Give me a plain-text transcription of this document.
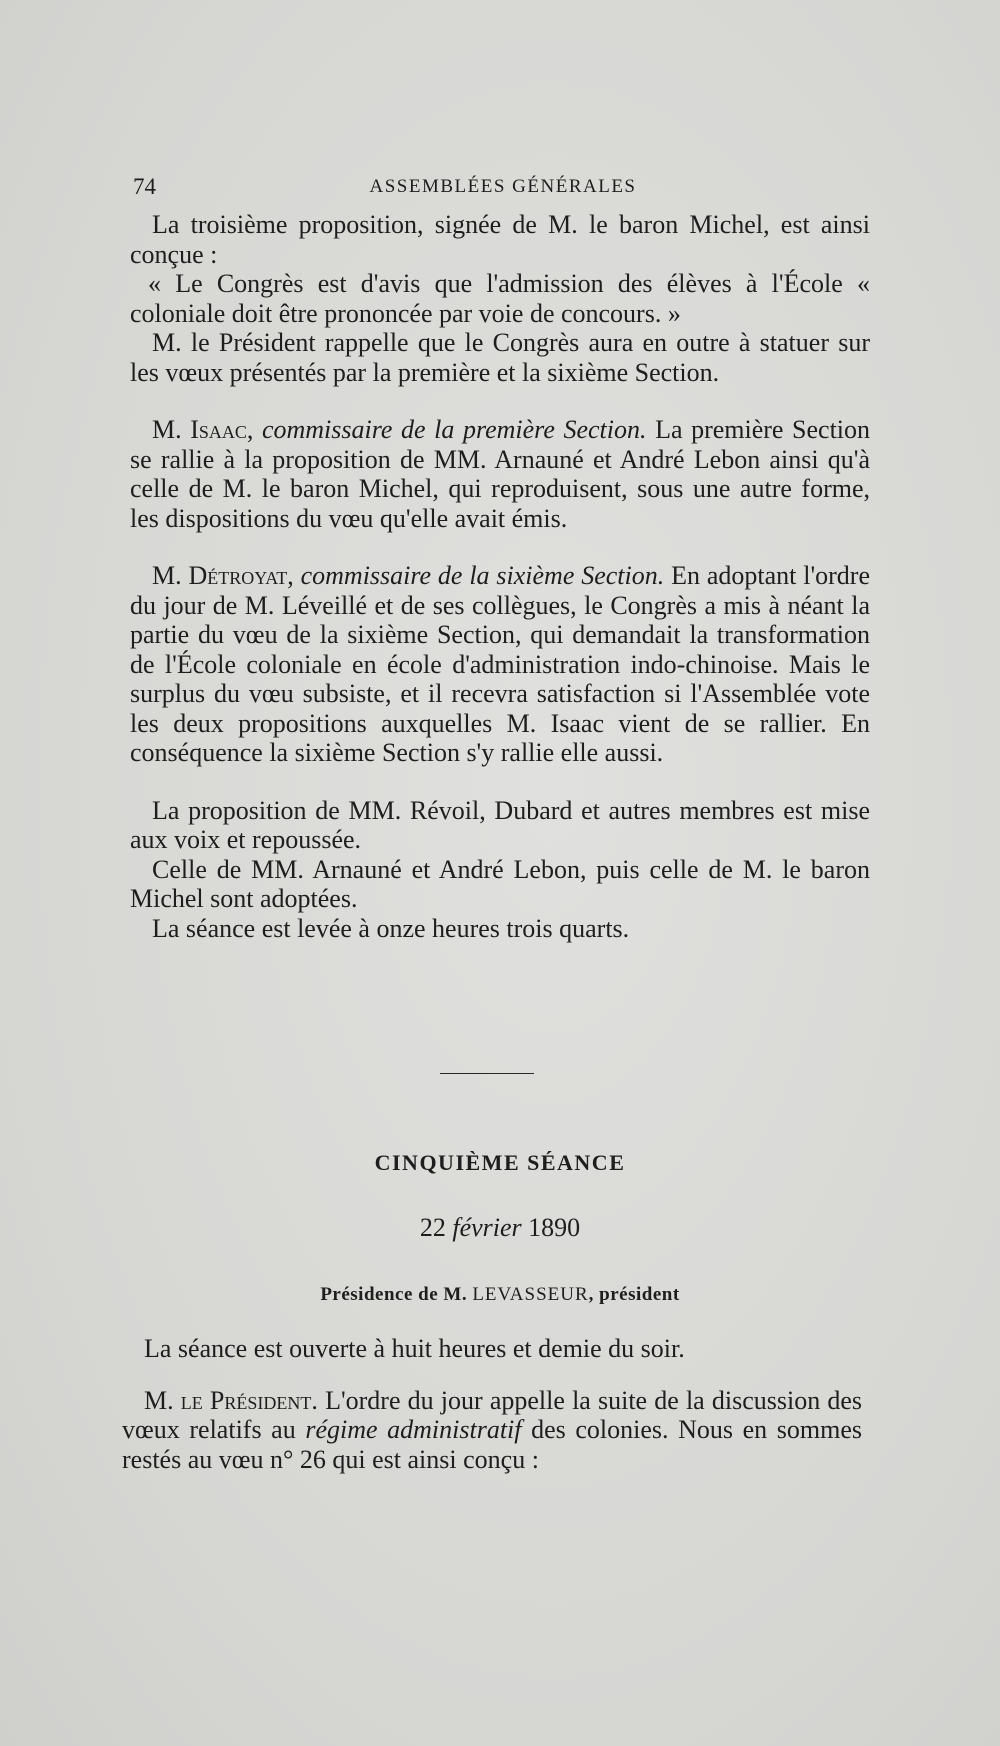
74	ASSEMBLÉES GÉNÉRALES

La troisième proposition, signée de M. le baron Michel, est ainsi conçue :

« Le Congrès est d'avis que l'admission des élèves à l'École « coloniale doit être prononcée par voie de concours. »

M. le Président rappelle que le Congrès aura en outre à statuer sur les vœux présentés par la première et la sixième Section.

M. Isaac, commissaire de la première Section. La première Section se rallie à la proposition de MM. Arnauné et André Lebon ainsi qu'à celle de M. le baron Michel, qui reproduisent, sous une autre forme, les dispositions du vœu qu'elle avait émis.

M. Détroyat, commissaire de la sixième Section. En adoptant l'ordre du jour de M. Léveillé et de ses collègues, le Congrès a mis à néant la partie du vœu de la sixième Section, qui demandait la transformation de l'École coloniale en école d'administration indo-chinoise. Mais le surplus du vœu subsiste, et il recevra satisfaction si l'Assemblée vote les deux propositions auxquelles M. Isaac vient de se rallier. En conséquence la sixième Section s'y rallie elle aussi.

La proposition de MM. Révoil, Dubard et autres membres est mise aux voix et repoussée.

Celle de MM. Arnauné et André Lebon, puis celle de M. le baron Michel sont adoptées.

La séance est levée à onze heures trois quarts.

CINQUIÈME SÉANCE
22 février 1890
Présidence de M. LEVASSEUR, président

La séance est ouverte à huit heures et demie du soir.

M. le Président. L'ordre du jour appelle la suite de la discussion des vœux relatifs au régime administratif des colonies. Nous en sommes restés au vœu n° 26 qui est ainsi conçu :
